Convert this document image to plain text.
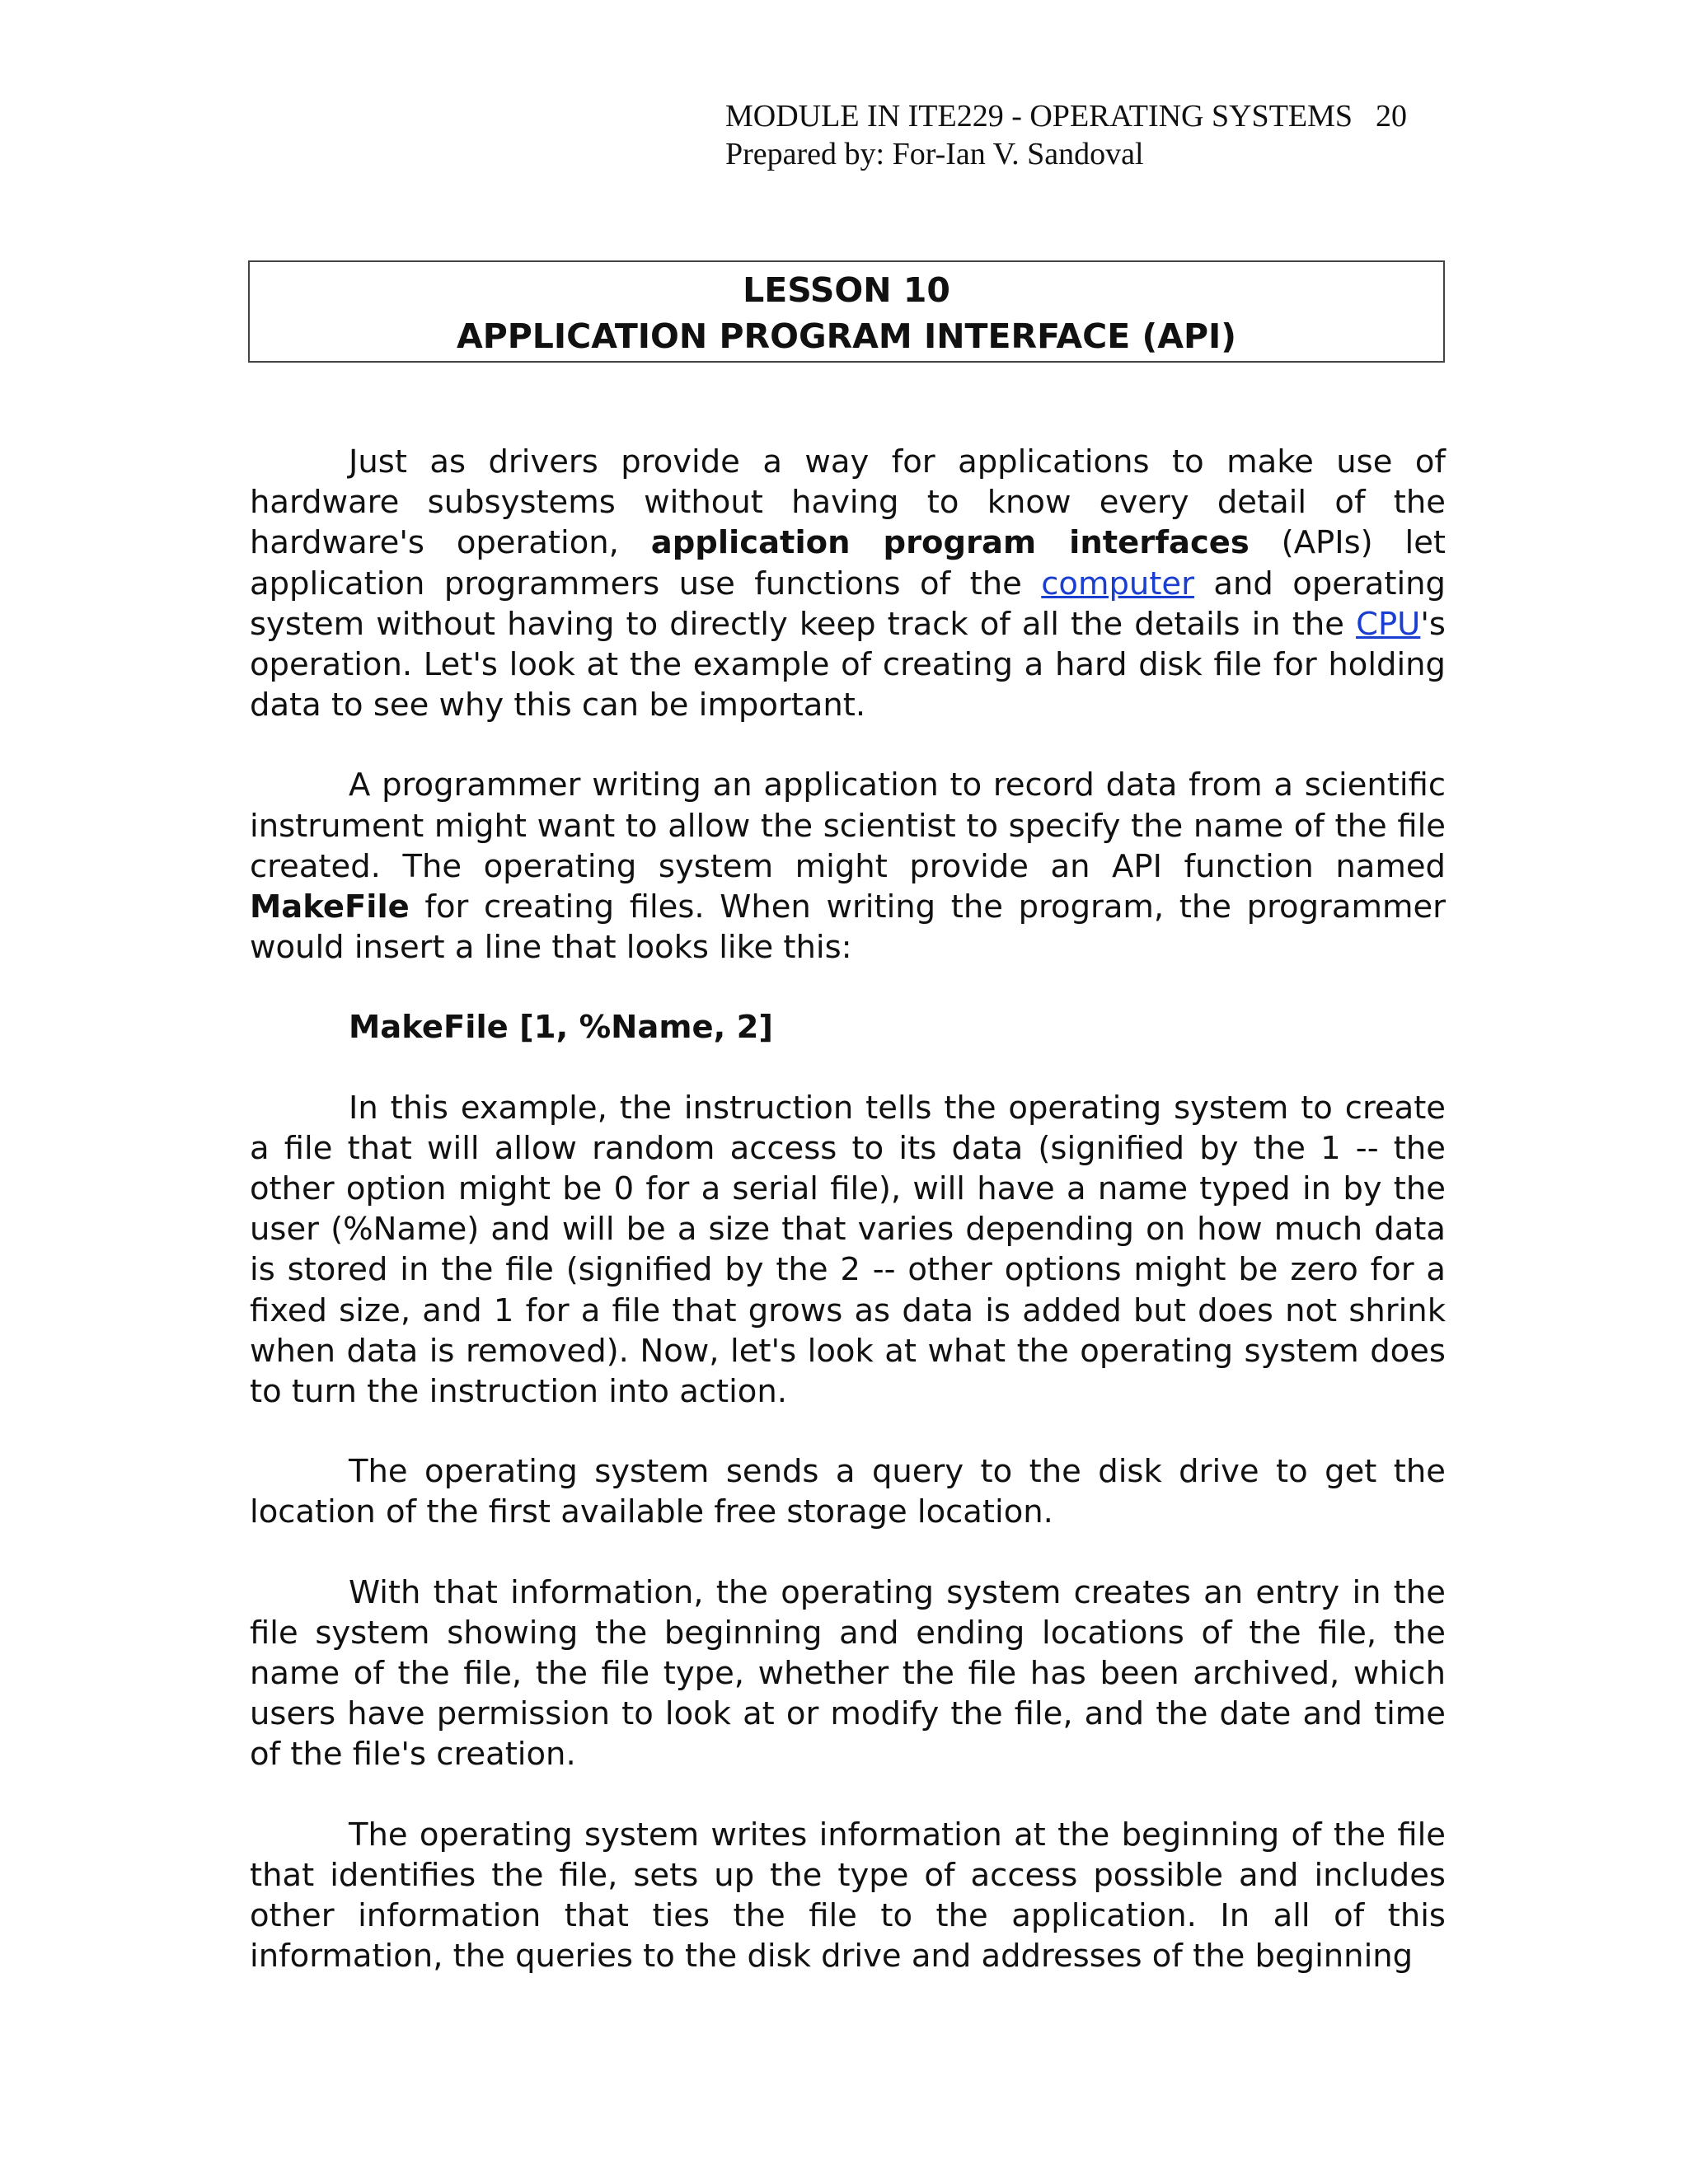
MODULE IN ITE229 - OPERATING SYSTEMS 20
Prepared by: For-Ian V. Sandoval
LESSON 10
APPLICATION PROGRAM INTERFACE (API)

Just as drivers provide a way for applications to make use of hardware subsystems without having to know every detail of the hardware's operation, application program interfaces (APIs) let application programmers use functions of the computer and operating system without having to directly keep track of all the details in the CPU's operation. Let's look at the example of creating a hard disk file for holding data to see why this can be important.

A programmer writing an application to record data from a scientific instrument might want to allow the scientist to specify the name of the file created. The operating system might provide an API function named MakeFile for creating files. When writing the program, the programmer would insert a line that looks like this:

MakeFile [1, %Name, 2]

In this example, the instruction tells the operating system to create a file that will allow random access to its data (signified by the 1 -- the other option might be 0 for a serial file), will have a name typed in by the user (%Name) and will be a size that varies depending on how much data is stored in the file (signified by the 2 -- other options might be zero for a fixed size, and 1 for a file that grows as data is added but does not shrink when data is removed). Now, let's look at what the operating system does to turn the instruction into action.

The operating system sends a query to the disk drive to get the location of the first available free storage location.

With that information, the operating system creates an entry in the file system showing the beginning and ending locations of the file, the name of the file, the file type, whether the file has been archived, which users have permission to look at or modify the file, and the date and time of the file's creation.

The operating system writes information at the beginning of the file that identifies the file, sets up the type of access possible and includes other information that ties the file to the application. In all of this information, the queries to the disk drive and addresses of the beginning
